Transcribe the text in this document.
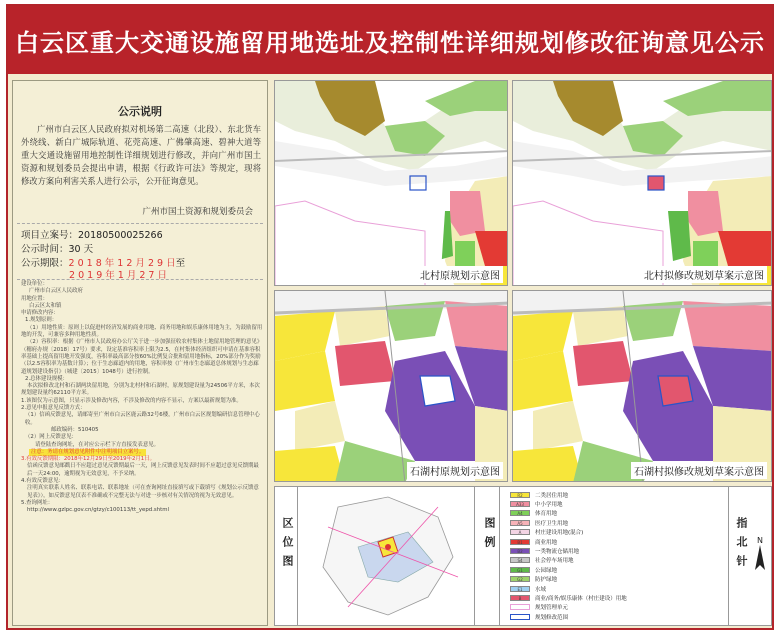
白云区重大交通设施留用地选址及控制性详细规划修改征询意见公示
公示说明
广州市白云区人民政府拟对机场第二高速（北段）、东北货车外绕线、新白广城际轨道、花莞高速、广佛肇高速、碧神大道等重大交通设施留用地控制性详细规划进行修改，并向广州市国土资源和规划委员会提出申请，根据《行政许可法》等规定，现将修改方案向利害关系人进行公示，公开征询意见。
广州市国土资源和规划委员会
项目立案号：20180500025266
公示时间：30 天
公示期限：2 0 1 8 年 1 2 月 2 9 日至
2 0 1 9 年 1 月 2 7 日

建设单位：

广州市白云区人民政府

用地位置：

白云区太和镇

申请修改内容：

1.规划原则：

（1）用地性质：原则上以促进村经济发展的商业用地、商务用地和娱乐康体用地为主，为鼓励留用地的开发，可兼容多种用地性质。

（2）容积率：根据《广州市人民政府办公厅关于进一步加强征收农村集体土地留用地管理的意见》（穗府办规〔2018〕17号）要求，设定基准容积率上限为2.5，在村集体经济组织可申请在基准容积率基础上提高留用地开发强度，容积率最高部分按60%比例复合批和留用地指标，20%部分作为奖励（以2.5容积率为基数计算）；位于生态廊道内的用地，容积率按《广州市生态廊道总体规划与生态廊道规划建设指引》（城建〔2015〕1048号）进行控制。

2.总体建设规模：

本次拟修改北村和石湖两块留用地，分别为北村村和石湖村，原规划建设量为24506平方米，本次规划建设量约62110平方米。

1.该图仅为示意图，只显示涉及修改内容，不涉及修改的内容不显示，方案以最新规划为准。

2.意见申报意见反馈方式：

（1）信函反馈意见，请邮寄至广州市白云区鹿云路32号6楼，广州市白云区规划编研信息管理中心收。

邮政编码：510405

（2）网上反馈意见：

请登陆查询网址，在对应公示栏下方直接发表意见。

注意：务请在规划意见附件中注明项目立案号。

3.有效反馈期限：2018年12月29日至2019年2月1日。

信函反馈意见邮戳日不应超过意见反馈期最后一天，网上反馈意见发表时间不应超过意见反馈期最后一天24:00，逾期视为无效意见，不予采纳。

4.有效反馈意见：

注明真实联系人姓名、联系电话、联系地址（可在查询网址直接填写或下载填写《规划公示反馈意见表》），如反馈意见仅表不准确或不完整无法与对进一步核对有关情况的视为无效意见。

5.查询网址：

http://www.gzlpc.gov.cn/gtzy/c100113/tt_yepd.shtml

北村原规划示意图	北村拟修改规划草案示意图
石湖村原规划示意图	石湖村拟修改规划草案示意图
区位图	图例
R2	二类居住用地
A33	中小学用地
A4	体育用地
A5	医疗卫生用地
A	村庄建设用地(混合)
B1	商业用地
B2	一类物流仓储用地
S4	社会停车场用地
G1	公园绿地
G2	防护绿地
E1	水域
B	商业/商务/娱乐康体（村庄建设）用地
规划管理单元
规划修改范围
指北针 N
